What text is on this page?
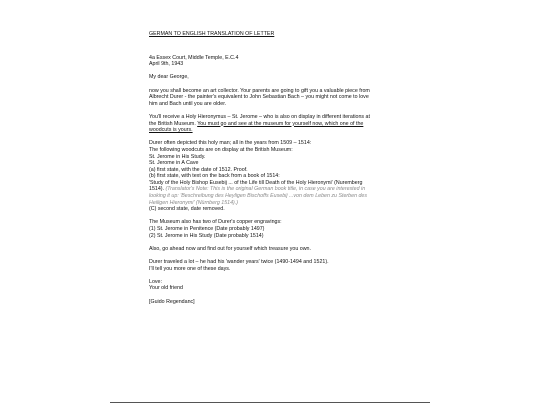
GERMAN TO ENGLISH TRANSLATION OF LETTER

4a Essex Court, Middle Temple, E.C.4

April 9th, 1943

My dear George,

now you shall become an art collector. Your parents are going to gift you a valuable piece from

Albrecht Durer - the painter's equivalent to John Sebastian Bach – you might not come to love

him and Bach until you are older.

You'll receive a Holy Hieronymus – St. Jerome – who is also on display in different iterations at

the British Museum. You must go and see at the museum for yourself now, which one of the

woodcuts is yours.

Durer often depicted this holy man; all in the years from 1509 – 1514:

The following woodcuts are on display at the British Museum:

St. Jerome in His Study.

St. Jerome in A Cave

(a) first state, with the date of 1512. Proof.

(b) first state, with text on the back from a book of 1514:

'Study of the Holy Bishop Eusebij ... of the Life till Death of the Holy Hieronymi' (Nuremberg

1514). (Translator's Note: This is the original German book title, in case you are interested in

looking it up: 'Beschreibung des Heyligen Bischoffs Eusebij ...von dem Leben zu Sterben des

Heiligen Hieronymi' (Nürnberg 1514).)

(C) second state, date removed.

The Museum also has two of Durer's copper engravings:

(1) St. Jerome in Penitence (Date probably 1497)

(2) St. Jerome in His Study (Date probably 1514)

Also, go ahead now and find out for yourself which treasure you own.

Durer traveled a lot – he had his 'wander years' twice (1490-1494 and 1521).

I'll tell you more one of these days.

Love:

Your old friend

[Guido Regendanc]
